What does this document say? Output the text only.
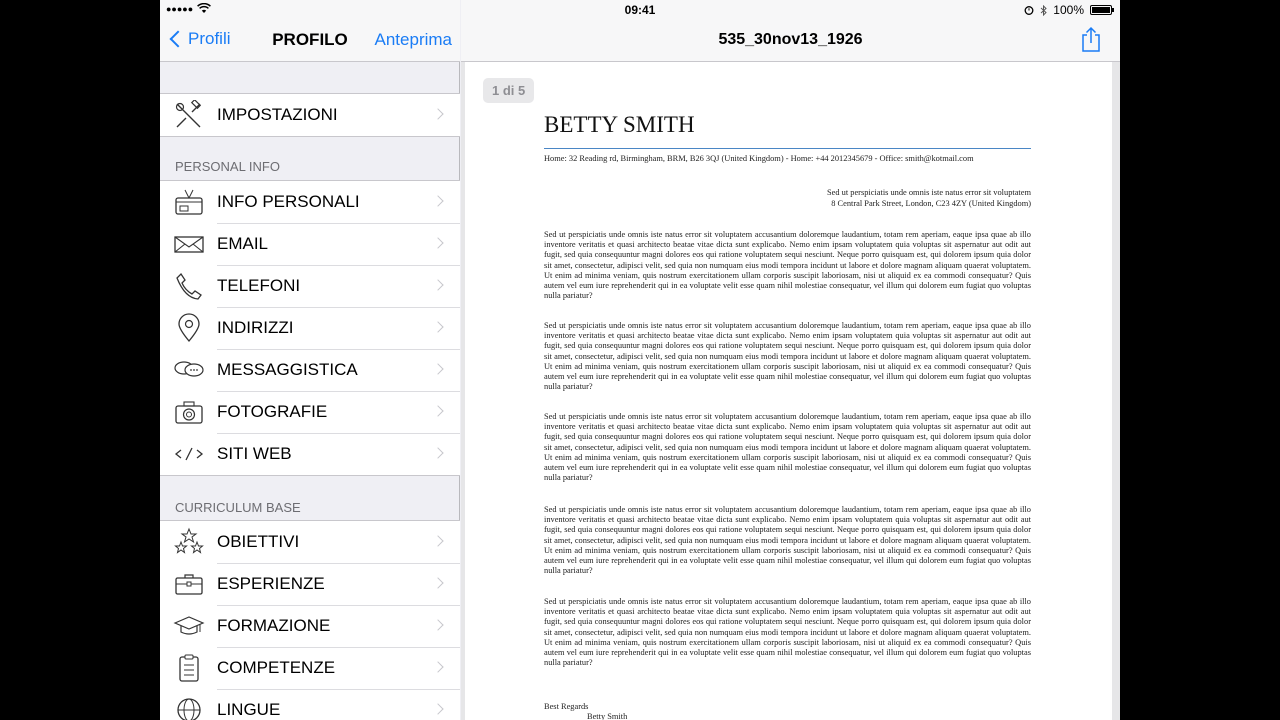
●●●●●	09:41	100%
Profili	PROFILO	Anteprima
IMPOSTAZIONI
PERSONAL INFO
INFO PERSONALI
EMAIL
TELEFONI
INDIRIZZI
MESSAGGISTICA
FOTOGRAFIE
SITI WEB
CURRICULUM BASE
OBIETTIVI
ESPERIENZE
FORMAZIONE
COMPETENZE
LINGUE
535_30nov13_1926
1 di 5
BETTY SMITH
Home: 32 Reading rd, Birmingham, BRM, B26 3QJ (United Kingdom) - Home: +44 2012345679 - Office: smith@kotmail.com
Sed ut perspiciatis unde omnis iste natus error sit voluptatem
8 Central Park Street, London, C23 4ZY (United Kingdom)
Sed ut perspiciatis unde omnis iste natus error sit voluptatem accusantium doloremque laudantium, totam rem aperiam, eaque ipsa quae ab illo inventore veritatis et quasi architecto beatae vitae dicta sunt explicabo. Nemo enim ipsam voluptatem quia voluptas sit aspernatur aut odit aut fugit, sed quia consequuntur magni dolores eos qui ratione voluptatem sequi nesciunt. Neque porro quisquam est, qui dolorem ipsum quia dolor sit amet, consectetur, adipisci velit, sed quia non numquam eius modi tempora incidunt ut labore et dolore magnam aliquam quaerat voluptatem. Ut enim ad minima veniam, quis nostrum exercitationem ullam corporis suscipit laboriosam, nisi ut aliquid ex ea commodi consequatur? Quis autem vel eum iure reprehenderit qui in ea voluptate velit esse quam nihil molestiae consequatur, vel illum qui dolorem eum fugiat quo voluptas nulla pariatur?
Sed ut perspiciatis unde omnis iste natus error sit voluptatem accusantium doloremque laudantium, totam rem aperiam, eaque ipsa quae ab illo inventore veritatis et quasi architecto beatae vitae dicta sunt explicabo. Nemo enim ipsam voluptatem quia voluptas sit aspernatur aut odit aut fugit, sed quia consequuntur magni dolores eos qui ratione voluptatem sequi nesciunt. Neque porro quisquam est, qui dolorem ipsum quia dolor sit amet, consectetur, adipisci velit, sed quia non numquam eius modi tempora incidunt ut labore et dolore magnam aliquam quaerat voluptatem. Ut enim ad minima veniam, quis nostrum exercitationem ullam corporis suscipit laboriosam, nisi ut aliquid ex ea commodi consequatur? Quis autem vel eum iure reprehenderit qui in ea voluptate velit esse quam nihil molestiae consequatur, vel illum qui dolorem eum fugiat quo voluptas nulla pariatur?
Sed ut perspiciatis unde omnis iste natus error sit voluptatem accusantium doloremque laudantium, totam rem aperiam, eaque ipsa quae ab illo inventore veritatis et quasi architecto beatae vitae dicta sunt explicabo. Nemo enim ipsam voluptatem quia voluptas sit aspernatur aut odit aut fugit, sed quia consequuntur magni dolores eos qui ratione voluptatem sequi nesciunt. Neque porro quisquam est, qui dolorem ipsum quia dolor sit amet, consectetur, adipisci velit, sed quia non numquam eius modi tempora incidunt ut labore et dolore magnam aliquam quaerat voluptatem. Ut enim ad minima veniam, quis nostrum exercitationem ullam corporis suscipit laboriosam, nisi ut aliquid ex ea commodi consequatur? Quis autem vel eum iure reprehenderit qui in ea voluptate velit esse quam nihil molestiae consequatur, vel illum qui dolorem eum fugiat quo voluptas nulla pariatur?
Sed ut perspiciatis unde omnis iste natus error sit voluptatem accusantium doloremque laudantium, totam rem aperiam, eaque ipsa quae ab illo inventore veritatis et quasi architecto beatae vitae dicta sunt explicabo. Nemo enim ipsam voluptatem quia voluptas sit aspernatur aut odit aut fugit, sed quia consequuntur magni dolores eos qui ratione voluptatem sequi nesciunt. Neque porro quisquam est, qui dolorem ipsum quia dolor sit amet, consectetur, adipisci velit, sed quia non numquam eius modi tempora incidunt ut labore et dolore magnam aliquam quaerat voluptatem. Ut enim ad minima veniam, quis nostrum exercitationem ullam corporis suscipit laboriosam, nisi ut aliquid ex ea commodi consequatur? Quis autem vel eum iure reprehenderit qui in ea voluptate velit esse quam nihil molestiae consequatur, vel illum qui dolorem eum fugiat quo voluptas nulla pariatur?
Sed ut perspiciatis unde omnis iste natus error sit voluptatem accusantium doloremque laudantium, totam rem aperiam, eaque ipsa quae ab illo inventore veritatis et quasi architecto beatae vitae dicta sunt explicabo. Nemo enim ipsam voluptatem quia voluptas sit aspernatur aut odit aut fugit, sed quia consequuntur magni dolores eos qui ratione voluptatem sequi nesciunt. Neque porro quisquam est, qui dolorem ipsum quia dolor sit amet, consectetur, adipisci velit, sed quia non numquam eius modi tempora incidunt ut labore et dolore magnam aliquam quaerat voluptatem. Ut enim ad minima veniam, quis nostrum exercitationem ullam corporis suscipit laboriosam, nisi ut aliquid ex ea commodi consequatur? Quis autem vel eum iure reprehenderit qui in ea voluptate velit esse quam nihil molestiae consequatur, vel illum qui dolorem eum fugiat quo voluptas nulla pariatur?
Best Regards
Betty Smith
